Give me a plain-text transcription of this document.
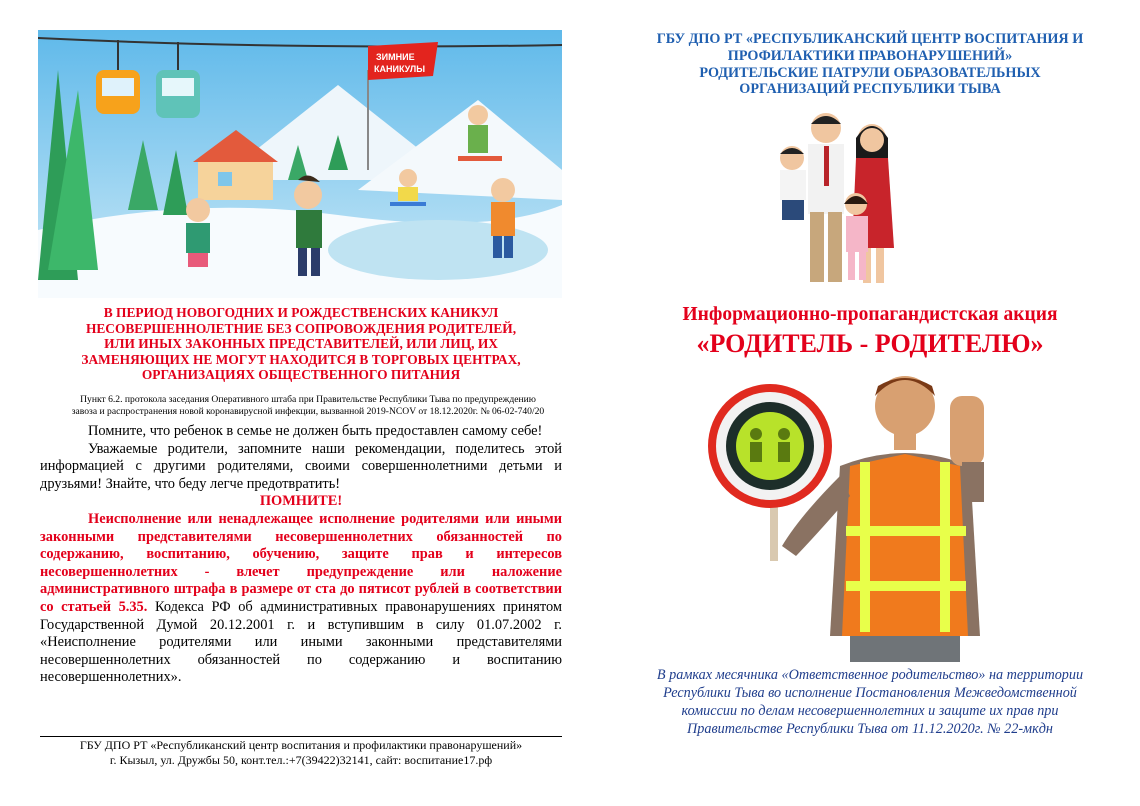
ЗИМНИЕ
КАНИКУЛЫ
В ПЕРИОД НОВОГОДНИХ И РОЖДЕСТВЕНСКИХ КАНИКУЛ
НЕСОВЕРШЕННОЛЕТНИЕ БЕЗ СОПРОВОЖДЕНИЯ РОДИТЕЛЕЙ,
ИЛИ ИНЫХ ЗАКОННЫХ ПРЕДСТАВИТЕЛЕЙ, ИЛИ ЛИЦ, ИХ
ЗАМЕНЯЮЩИХ НЕ МОГУТ НАХОДИТСЯ В ТОРГОВЫХ ЦЕНТРАХ,
ОРГАНИЗАЦИЯХ ОБЩЕСТВЕННОГО ПИТАНИЯ
Пункт 6.2. протокола заседания Оперативного штаба при Правительстве Республики Тыва по предупреждению
завоза и распространения новой коронавирусной инфекции, вызванной 2019-NCOV от 18.12.2020г. № 06-02-740/20

Помните, что ребенок в семье не должен быть предоставлен самому себе!

Уважаемые родители, запомните наши рекомендации, поделитесь этой информацией с другими родителями, своими совершеннолетними детьми и друзьями! Знайте, что беду легче предотвратить!

ПОМНИТЕ!

Неисполнение или ненадлежащее исполнение родителями или иными законными представителями несовершеннолетних обязанностей по содержанию, воспитанию, обучению, защите прав и интересов несовершеннолетних - влечет предупреждение или наложение административного штрафа в размере от ста до пятисот рублей в соответствии со статьей 5.35. Кодекса РФ об административных правонарушениях принятом Государственной Думой 20.12.2001 г. и вступившим в силу 01.07.2002 г. «Неисполнение родителями или иными законными представителями несовершеннолетних обязанностей по содержанию и воспитанию несовершеннолетних».

ГБУ ДПО РТ «Республиканский центр воспитания и профилактики правонарушений»
г. Кызыл, ул. Дружбы 50, конт.тел.:+7(39422)32141, сайт: воспитание17.рф
ГБУ ДПО РТ «РЕСПУБЛИКАНСКИЙ ЦЕНТР ВОСПИТАНИЯ И
ПРОФИЛАКТИКИ ПРАВОНАРУШЕНИЙ»
РОДИТЕЛЬСКИЕ ПАТРУЛИ ОБРАЗОВАТЕЛЬНЫХ
ОРГАНИЗАЦИЙ РЕСПУБЛИКИ ТЫВА
Информационно-пропагандистская акция
«РОДИТЕЛЬ - РОДИТЕЛЮ»
В рамках месячника «Ответственное родительство» на территории
Республики Тыва во исполнение Постановления Межведомственной
комиссии по делам несовершеннолетних и защите их прав при
Правительстве Республики Тыва от 11.12.2020г. № 22-мкдн
